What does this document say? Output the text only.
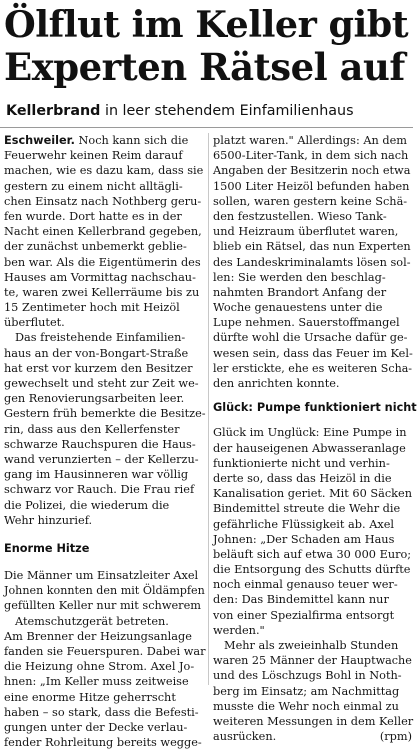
Ölflut im Keller gibt
Experten Rätsel auf
Kellerbrand in leer stehendem Einfamilienhaus
Eschweiler. Noch kann sich die
Feuerwehr keinen Reim darauf
machen, wie es dazu kam, dass sie
gestern zu einem nicht alltägli-
chen Einsatz nach Nothberg geru-
fen wurde. Dort hatte es in der
Nacht einen Kellerbrand gegeben,
der zunächst unbemerkt geblie-
ben war. Als die Eigentümerin des
Hauses am Vormittag nachschau-
te, waren zwei Kellerräume bis zu
15 Zentimeter hoch mit Heizöl
überflutet.
Das freistehende Einfamilien-
haus an der von-Bongart-Straße
hat erst vor kurzem den Besitzer
gewechselt und steht zur Zeit we-
gen Renovierungsarbeiten leer.
Gestern früh bemerkte die Besitze-
rin, dass aus den Kellerfenster
schwarze Rauchspuren die Haus-
wand verunzierten – der Kellerzu-
gang im Hausinneren war völlig
schwarz vor Rauch. Die Frau rief
die Polizei, die wiederum die
Wehr hinzurief.
Enorme Hitze
Die Männer um Einsatzleiter Axel
Johnen konnten den mit Öldämpfen
gefüllten Keller nur mit schwerem
Atemschutzgerät betreten.
Am Brenner der Heizungsanlage
fanden sie Feuerspuren. Dabei war
die Heizung ohne Strom. Axel Jo-
hnen: „Im Keller muss zeitweise
eine enorme Hitze geherrscht
haben – so stark, dass die Befesti-
gungen unter der Decke verlau-
fender Rohrleitung bereits wegge-
platzt waren." Allerdings: An dem
6500-Liter-Tank, in dem sich nach
Angaben der Besitzerin noch etwa
1500 Liter Heizöl befunden haben
sollen, waren gestern keine Schä-
den festzustellen. Wieso Tank-
und Heizraum überflutet waren,
blieb ein Rätsel, das nun Experten
des Landeskriminalamts lösen sol-
len: Sie werden den beschlag-
nahmten Brandort Anfang der
Woche genauestens unter die
Lupe nehmen. Sauerstoffmangel
dürfte wohl die Ursache dafür ge-
wesen sein, dass das Feuer im Kel-
ler erstickte, ehe es weiteren Scha-
den anrichten konnte.
Glück: Pumpe funktioniert nicht
Glück im Unglück: Eine Pumpe in
der hauseigenen Abwasseranlage
funktionierte nicht und verhin-
derte so, dass das Heizöl in die
Kanalisation geriet. Mit 60 Säcken
Bindemittel streute die Wehr die
gefährliche Flüssigkeit ab. Axel
Johnen: „Der Schaden am Haus
beläuft sich auf etwa 30 000 Euro;
die Entsorgung des Schutts dürfte
noch einmal genauso teuer wer-
den: Das Bindemittel kann nur
von einer Spezialfirma entsorgt
werden."
Mehr als zweieinhalb Stunden
waren 25 Männer der Hauptwache
und des Löschzugs Bohl in Noth-
berg im Einsatz; am Nachmittag
musste die Wehr noch einmal zu
weiteren Messungen in dem Keller
ausrücken.	(rpm)
